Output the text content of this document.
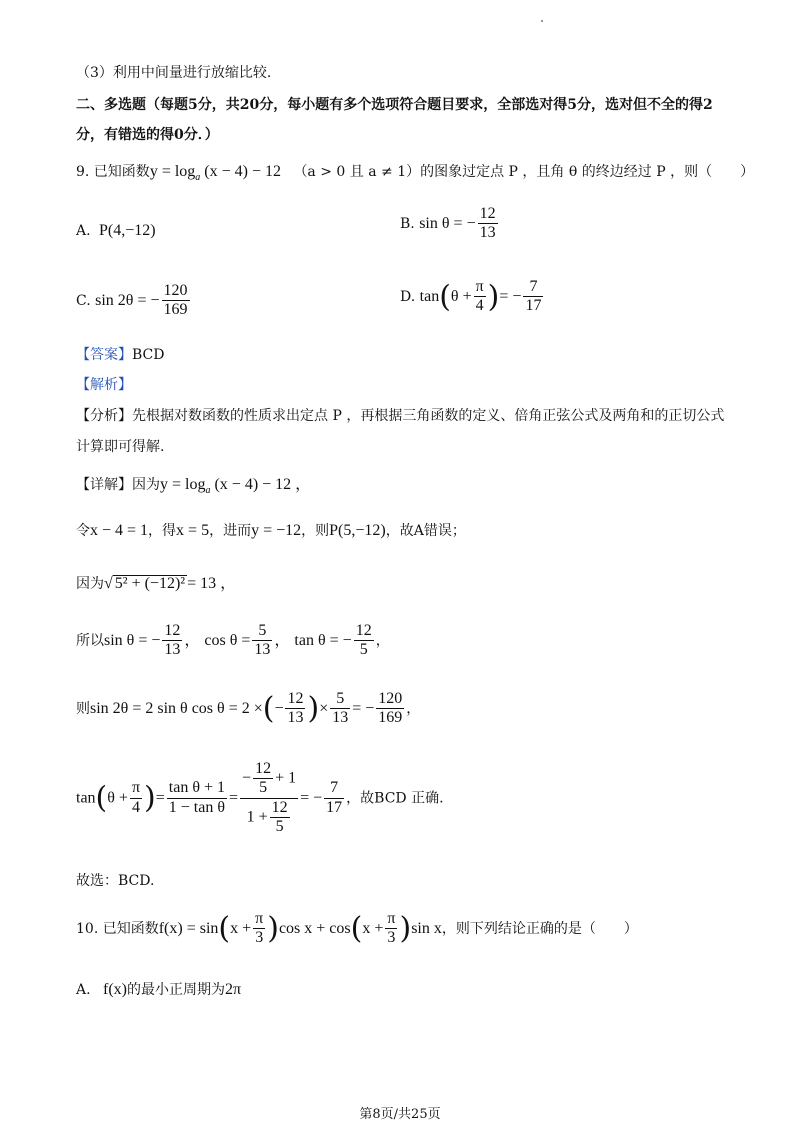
（3）利用中间量进行放缩比较.
二、多选题（每题5分，共20分，每小题有多个选项符合题目要求，全部选对得5分，选对但不全的得2
分，有错选的得0分．）
9. 已知函数$y = \log_a (x - 4) - 12$ （a > 0 且 a ≠ 1）的图象过定点 P ，且角 θ 的终边经过 P ，则（　　）
A. P(4,−12)	B. sin θ = − $\frac{12}{13}$
C. sin 2θ = − $\frac{120}{169}$	D. $\tan(\theta + \frac{\pi}{4}$ )= − $\frac{7}{17}$
【答案】BCD
【解析】
【分析】先根据对数函数的性质求出定点 P ，再根据三角函数的定义、倍角正弦公式及两角和的正切公式
计算即可得解.
【详解】因为$y = \log_a (x - 4) - 12$ ，
令x − 4 = 1，得x = 5，进而y = −12，则P(5,−12)，故A错误；
因为√ 5² + (−12)² = 13 ，
所以sin θ = − $\frac{12}{13}$ ， $\cos \theta = \frac{5}{13}$ ， tan θ = − $\frac{12}{5}$ ，
则sin 2θ = 2 sin θ cos θ = 2 ×(− $\frac{12}{13}$ )× $\frac{5}{13}$ = − $\frac{120}{169}$ ，
$\tan(\theta + \frac{\pi}{4}$ )= $\frac{\text{tan θ + 1}}{\text{1 − tan θ}} = \frac{- \frac{12}{5} + 1}{1 + \frac{12}{5}}$ = − $\frac{7}{17}$ ，故BCD 正确.
故选：BCD.
10. 已知函数$f(x) = \sin(x + \frac{\pi}{3} )\cos$ $x + \cos(x + \frac{\pi}{3} )\sin$ x，则下列结论正确的是（　　）
A. f(x)的最小正周期为2π
第8页/共25页
